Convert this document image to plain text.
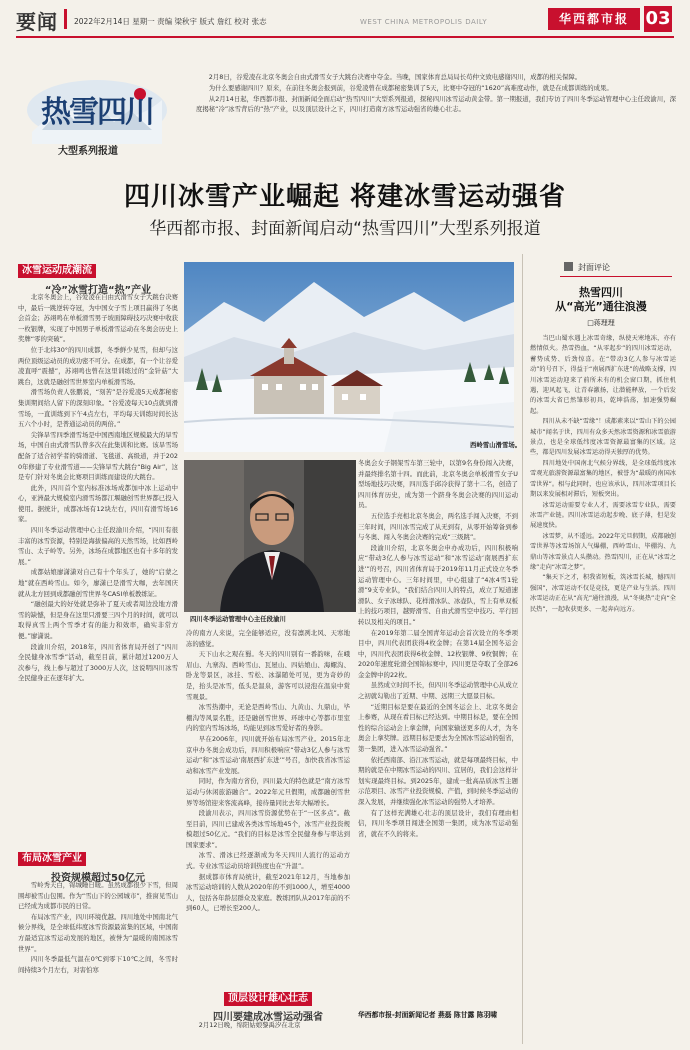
要闻 2022年2月14日 星期一 责编 梁秋宇 版式 詹红 校对 张志	WEST CHINA METROPOLIS DAILY	华西都市报 03
热雪四川
大型系列报道

2月8日，谷爱凌在北京冬奥会自由式滑雪女子大跳台决赛中夺金。当晚，国家体育总局局长苟仲文致电感谢四川，成都的相关保障。

为什么要感谢四川？原来，在前往冬奥会报到前，谷爱凌曾在成都秘密集训了5天，比赛中夺冠的“1620”高难度动作，就是在成都训练的成果。

从2月14日起，华西都市报、封面新闻全面启动“热雪四川”大型系列报道，探秘四川冰雪运动黄金带。第一期报道，我们专访了四川冬季运动管理中心主任段渝川，深度揭秘“冷”冰雪背后的“热”产业，以及顶层设计之下，四川打造南方冰雪运动强省的雄心壮志。

四川冰雪产业崛起 将建冰雪运动强省
华西都市报、封面新闻启动“热雪四川”大型系列报道
冰雪运动成潮流
“冷”冰雪打造“热”产业

北京冬奥会上，谷爱凌在自由式滑雪女子大跳台决赛中，最后一跳逆转夺冠，为中国女子雪上项目赢得了冬奥会首金；苏翊鸣在单板滑雪男子坡面障碍技巧决赛中收获一枚银牌，实现了中国男子单板滑雪运动在冬奥会历史上奖牌“零的突破”。

位于北纬30°的四川成都，冬季鲜少见雪，但却与这两位顶级运动员的成功密不可分。在成都，有一个让谷爱凌直呼“震撼”，苏翊鸣也曾在这里训练过的“金针菇”大跳台，这就是融创雪世界室内单板滑雪场。

滑雪场负责人张鹏说，“刻苦”是谷爱凌5天成都秘密集训期间给人留下的深刻印象。“谷爱凌每天10点就到滑雪场，一直训练到下午4点左右，平均每天训练时间长达五六个小时，是普通运动员的两倍。”

尖锋旱雪四季滑雪场是中国西南地区规模最大的旱雪场，中国自由式滑雪队曾多次在此集训和比赛。该旱雪场配备了适合初学者的骑滑道、飞毯道、高级道，并于2020年修建了专业滑雪道——尖锋旱雪大跳台“Big Air”，这是专门针对冬奥会比赛项目训练而建设的大跳台。

此外，四川首个室内标准冰场成都加中冰上运动中心，亚洲最大规模室内滑雪场都江堰融创雪世界都已投入使用。据统计，成都冰场有12块左右，四川有滑雪场16家。

四川冬季运动管理中心主任段渝川介绍，“四川有很丰富的冰雪资源，特别是海拔偏高的天然雪场，比如西岭雪山、太子岭等。另外，冰场在成都地区也有十多年的发展。”

成都姑娘廖潇潇对自己有十个年头了，她的“启蒙之地”就在西岭雪山。如今，廖潇已是滑雪大咖，去年国庆就从北方回到成都融创雪世界冬CASI单板教练证。

“融创最大的好处就是弥补了夏天或者周边没地方滑雪的缺憾，但是身在这里只滑要三四个月的时间，就可以取得真雪上两个雪季才有的能力和效率，确实非常方便。”廖潇说。

段渝川介绍，2018年，四川省体育局开创了“四川全民健身冰雪季”活动，截至目前，累计超过1200万人次参与，线上参与超过了3000万人次，这说明四川冰雪全民健身正在逐年扩大。

布局冰雪产业
投资规模超过50亿元

雪岭秀天白，锦城睡日暖。虽然成都很少下雪，但周围却被雪山包围。作为“雪山下的公园城市”，推窗见雪山已经成为成都市民的日常。

布局冰雪产业，四川环境优越。四川地处中国南北气候分界线，是全球低纬度冰雪资源最富集的区域，中国南方最适宜冰雪运动发展的地区，被誉为“最暖的南国冰雪世界”。

四川冬季最低气温在0℃到零下10℃之间，冬雪时间持续3个月左右，对害怕寒

西岭雪山滑雪场。
四川冬季运动管理中心主任段渝川

冷的南方人来说，完全能够适应，没有凛冽北风、天寒地冻的感觉。

天下山水之观在蜀。冬天的四川别有一番韵味，在峨眉山、九寨沟、西岭雪山、瓦屋山、四姑娘山、海螺沟、卧龙等景区，冰挂、雪松、冰瀑随处可见，更为奇妙的是，抬头是冰雪，低头是温泉，游客可以浸泡在温泉中赏雪观景。

冰雪热潮中，无论是西岭雪山、九黄山、九鼎山，毕棚沟等风景名胜，还是融创雪世界、环球中心等都市里室内的室内雪场冰场，均能见到冰雪爱好者的身影。

早在2006年，四川就开始布局冰雪产业。2015年北京申办冬奥会成功后，四川积极响应“带动3亿人参与冰雪运动”和“冰雪运动‘南展西扩东进’”号召，加快我省冰雪运动和冰雪产业发展。

同时，作为南方省份，四川最大的特色就是“南方冰雪运动与休闲旅游融合”。2022年元旦假期，成都融创雪世界等场馆迎来客流高峰，接待量同比去年大幅增长。

段渝川表示，四川冰雪资源优势在于“一区多点”。截至目前，四川已建成各类冰雪场地45个，冰雪产业投资规模超过50亿元。“我们的目标是冰雪全民健身参与率达到国家要求”。

冰雪、滑冰已经逐渐成为冬天四川人流行的运动方式。专业冰雪运动员培训热度也在“升温”。

据成都市体育局统计，截至2021年12月，当地参加冰雪运动培训的人数从2020年的不到1000人，增至4000人，包括各年龄层群众及家庭。教练团队从2017年前的不到60人，已增长至200人。

顶层设计雄心壮志
四川要建成冰雪运动强省

2月12日晚，绵阳姑娘黎禹汐在北京

冬奥会女子钢架雪车第三轮中，以第9名身份闯入决赛，并最终排名第十四。而此前，北京冬奥会单板滑雪女子U型场地技巧决赛，四川选手邱冷获得了第十二名，创造了四川体育历史，成为第一个跻身冬奥会决赛的四川运动员。

五位选手亮相北京冬奥会，两名选手闯入决赛，不到三年时间，四川冰雪完成了从无到有，从零开始筹备到参与冬奥、闯入冬奥会决赛的完成“三级跳”。

段渝川介绍，北京冬奥会申办成功后，四川积极响应“带动3亿人参与冰雪运动”和“冰雪运动‘南展西扩东进’”的号召，四川省体育局于2019年11月正式设立冬季运动管理中心。三年时间里，中心组建了“4冰4雪1轮滑”9支专业队，“我们结合四川人的特点，成立了短道速滑队、女子冰球队、花样滑冰队、冰壶队，雪上有单双板上的技巧项目，越野滑雪、自由式滑雪空中技巧、平行回转以及相关的项目。”

在2019年第二届全国青年运动会首次设立的冬季项目中，四川代表团获得4枚金牌；在第14届全国冬运会中，四川代表团获得6枚金牌、12枚银牌、9枚铜牌；在2020年速度轮滑全国锦标赛中，四川更是夺取了全部26金金牌中的22枚。

虽然成立时间不长，但四川冬季运动管理中心从成立之初就勾勒出了近期、中期、远期三大愿景目标。

“近期目标是要在最近的全国冬运会上、北京冬奥会上参赛，从现在看目标已经达到。中期目标是，要在全国性的综合运动会上拿金牌，向国家输送更多的人才，为冬奥会上拿奖牌。远期目标是要去为全国冰雪运动的强省，第一集团，进入冰雪运动强省。”

依托西南部、沿江冰雪运动，就是每项最终目标，中期的就是在中期冰雪运动的四川、宜居的，我们会这样计划实现最终目标。到2025年，建成一批高品质冰雪主题示范项目、冰雪产业投资规模、产值，到时候冬季运动的深入发展，并继续强化冰雪运动的强势人才培养。

有了这样充满雄心壮志的顶层设计，我们有理由相信，四川冬季项目闯进全国第一集团，成为冰雪运动强省，就在不久的将来。

华西都市报-封面新闻记者 燕磊 陈甘露 陈羽啸
封面评论
热雪四川
从“高光”通往浪漫
□蒋理理

当巴山蜀水遇上冰雪奇缘，纵使天寒地冻，亦有燃情似火。热雪热血，“从零起步”的四川冰雪运动，蓄势成势、后劲惊喜。在“带动3亿人参与冰雪运动”的号召下，得益于“南展西扩东进”的战略支撑，四川冰雪运动迎来了前所未有的机会窗口期，抓住机遇，迎风起飞，让青春激扬，让潜能释放，一个后发的冰雪大省已然雏形初具，乾坤浩荡，加速强势崛起。

四川从未不缺“雪缘”！成都素来以“雪山下的公园城市”闻名于世，四川有众多天然冰雪资源和冰雪旅游景点，也是全球低纬度冰雪资源最富集的区域。这些，都是四川发展冰雪运动得天独厚的优势。

四川地处中国南北气候分界线，是全球低纬度冰雪观光旅游资源最富集的地区，被誉为“最暖的南国冰雪世界”。相与此同时，也应该承认，四川冰雪项目长期以来发展相对滞后，短板突出。

冰雪运动需要专业人才，需要冰雪专业队，需要冰雪产业链。四川冰雪运动起步晚、底子薄，但是发展速度快。

冰雪梦，从不遥远。2022年元旦假期，成都融创雪世界等冰雪场馆人气爆棚，西岭雪山、毕棚沟、九鼎山等冰雪景点人头攒动。热雪四川，正在从“冰雪之缘”走向“冰雪之梦”。

“集天下之才，积我省短板，筑冰雪长城，撼四川强国”，冰雪运动不仅是竞技，更是产业与生活。四川冰雪运动正在从“高光”通往浪漫，从“冬奥热”走向“全民热”，一起收获更多、一起奔向远方。
